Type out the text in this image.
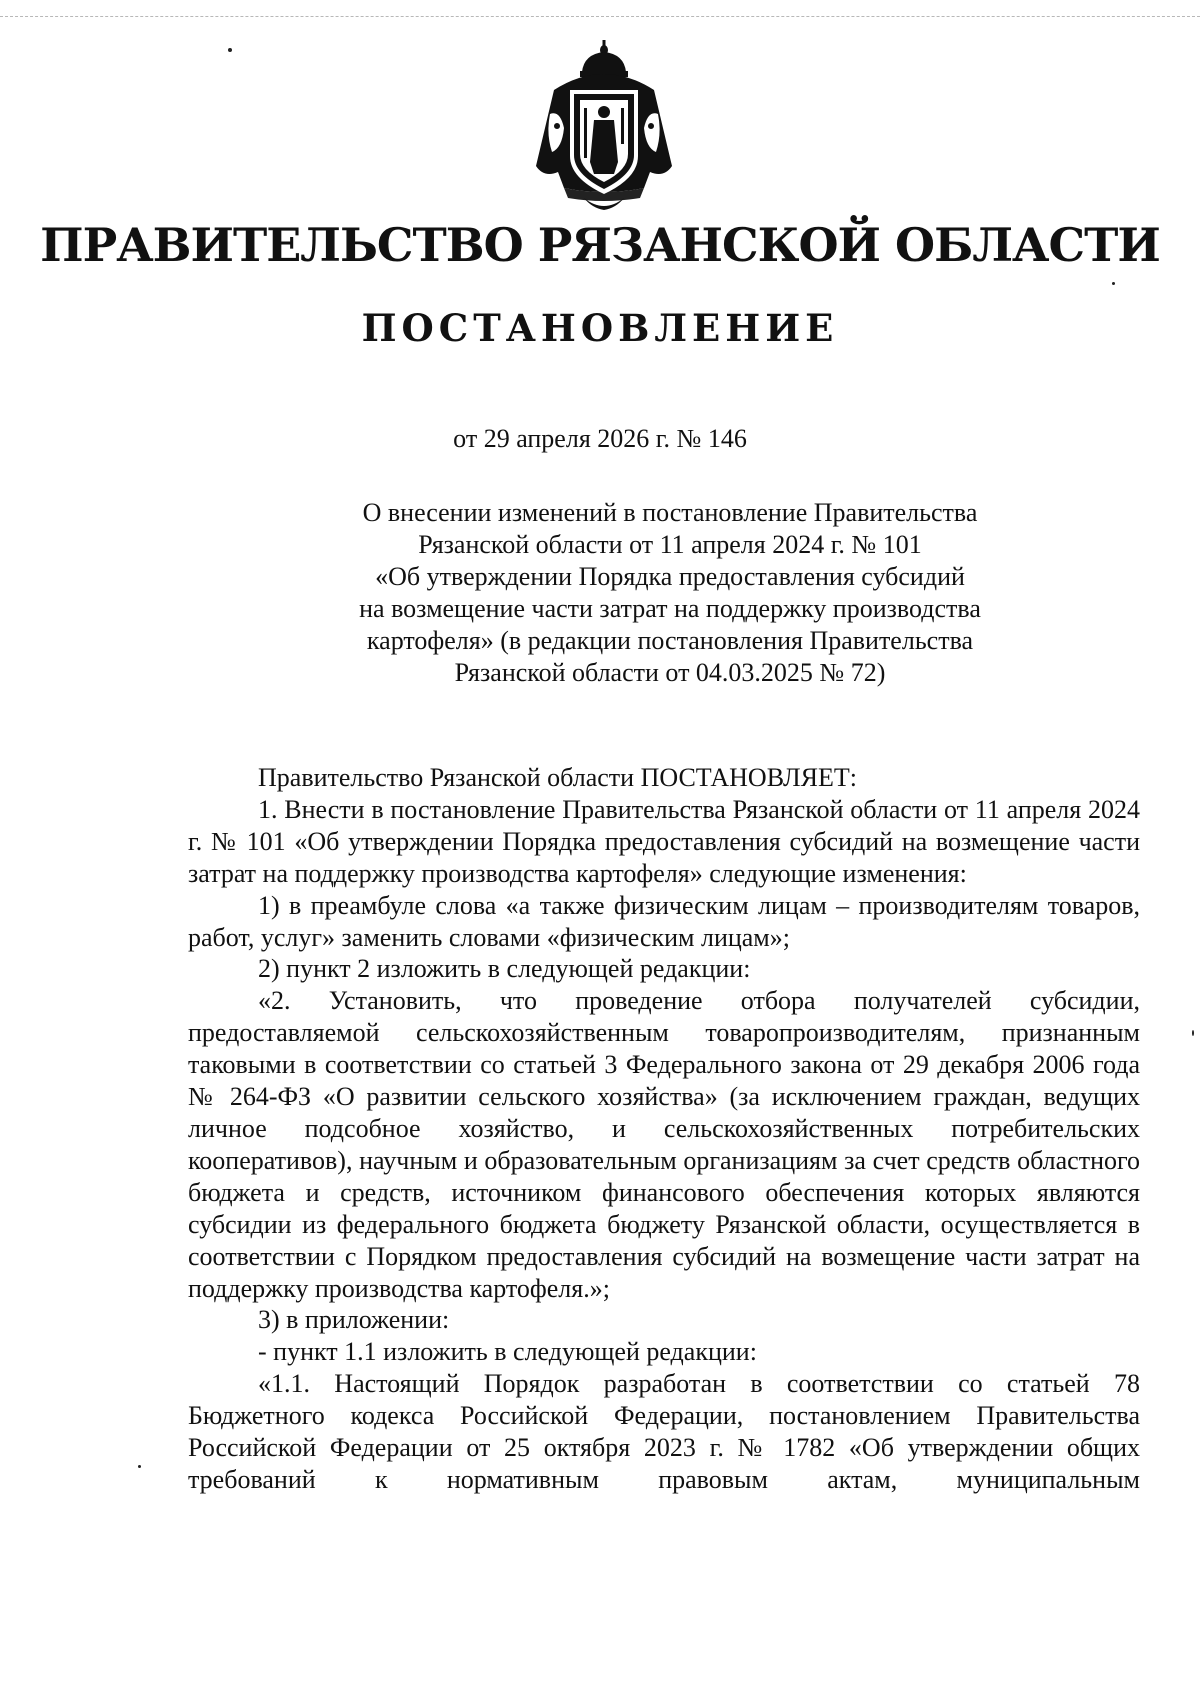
ПРАВИТЕЛЬСТВО РЯЗАНСКОЙ ОБЛАСТИ
ПОСТАНОВЛЕНИЕ

от 29 апреля 2026 г. № 146

О внесении изменений в постановление Правительства
Рязанской области от 11 апреля 2024 г. № 101
«Об утверждении Порядка предоставления субсидий
на возмещение части затрат на поддержку производства
картофеля» (в редакции постановления Правительства
Рязанской области от 04.03.2025 № 72)

Правительство Рязанской области ПОСТАНОВЛЯЕТ:

1. Внести в постановление Правительства Рязанской области от 11 апреля 2024 г. № 101 «Об утверждении Порядка предоставления субсидий на возмещение части затрат на поддержку производства картофеля» следующие изменения:

1) в преамбуле слова «а также физическим лицам – производителям товаров, работ, услуг» заменить словами «физическим лицам»;

2) пункт 2 изложить в следующей редакции:

«2. Установить, что проведение отбора получателей субсидии, предоставляемой сельскохозяйственным товаропроизводителям, признанным таковыми в соответствии со статьей 3 Федерального закона от 29 декабря 2006 года № 264-ФЗ «О развитии сельского хозяйства» (за исключением граждан, ведущих личное подсобное хозяйство, и сельскохозяйственных потребительских кооперативов), научным и образовательным организациям за счет средств областного бюджета и средств, источником финансового обеспечения которых являются субсидии из федерального бюджета бюджету Рязанской области, осуществляется в соответствии с Порядком предоставления субсидий на возмещение части затрат на поддержку производства картофеля.»;

3) в приложении:

- пункт 1.1 изложить в следующей редакции:

«1.1. Настоящий Порядок разработан в соответствии со статьей 78 Бюджетного кодекса Российской Федерации, постановлением Правительства Российской Федерации от 25 октября 2023 г. № 1782 «Об утверждении общих требований к нормативным правовым актам, муниципальным
